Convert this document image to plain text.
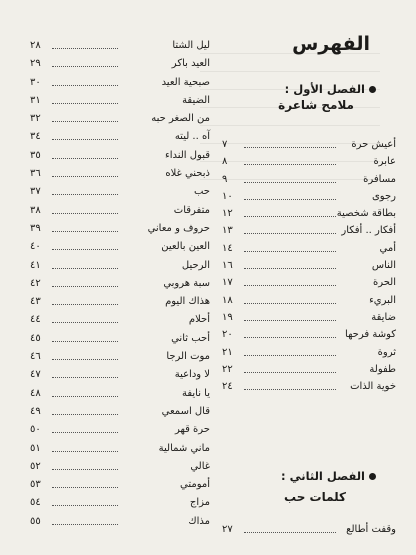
ليل الشتا
٢٨
العيد باكر
٢٩
صبحية العيد
٣٠
الضيقة
٣١
من الصغر حبه
٣٢
آه .. ليته
٣٤
قبول النداء
٣٥
ذبحني غلاه
٣٦
حب
٣٧
متفرقات
٣٨
حروف و معاني
٣٩
العين بالعين
٤٠
الرحيل
٤١
سبة هروبي
٤٢
هذاك اليوم
٤٣
أحلام
٤٤
أحب ثاني
٤٥
موت الرجا
٤٦
لا وداعية
٤٧
يا نايفة
٤٨
قال اسمعي
٤٩
حرة قهر
٥٠
ماني شمالية
٥١
غالي
٥٢
أمومتي
٥٣
مزاج
٥٤
مذاك
٥٥
الفهرس
الفصل الأول :
ملامح شاعرة
أعيش حرة
٧
عابرة
٨
مسافرة
٩
رجوى
١٠
بطاقة شخصية
١٢
أفكار .. أفكار
١٣
أمي
١٤
الناس
١٦
الحرة
١٧
البريء
١٨
ضايقة
١٩
كوشة فرحها
٢٠
ثروة
٢١
طفولة
٢٢
خوية الذات
٢٤
الفصل الثاني :
كلمات حب
وقفت أطالع
٢٧
